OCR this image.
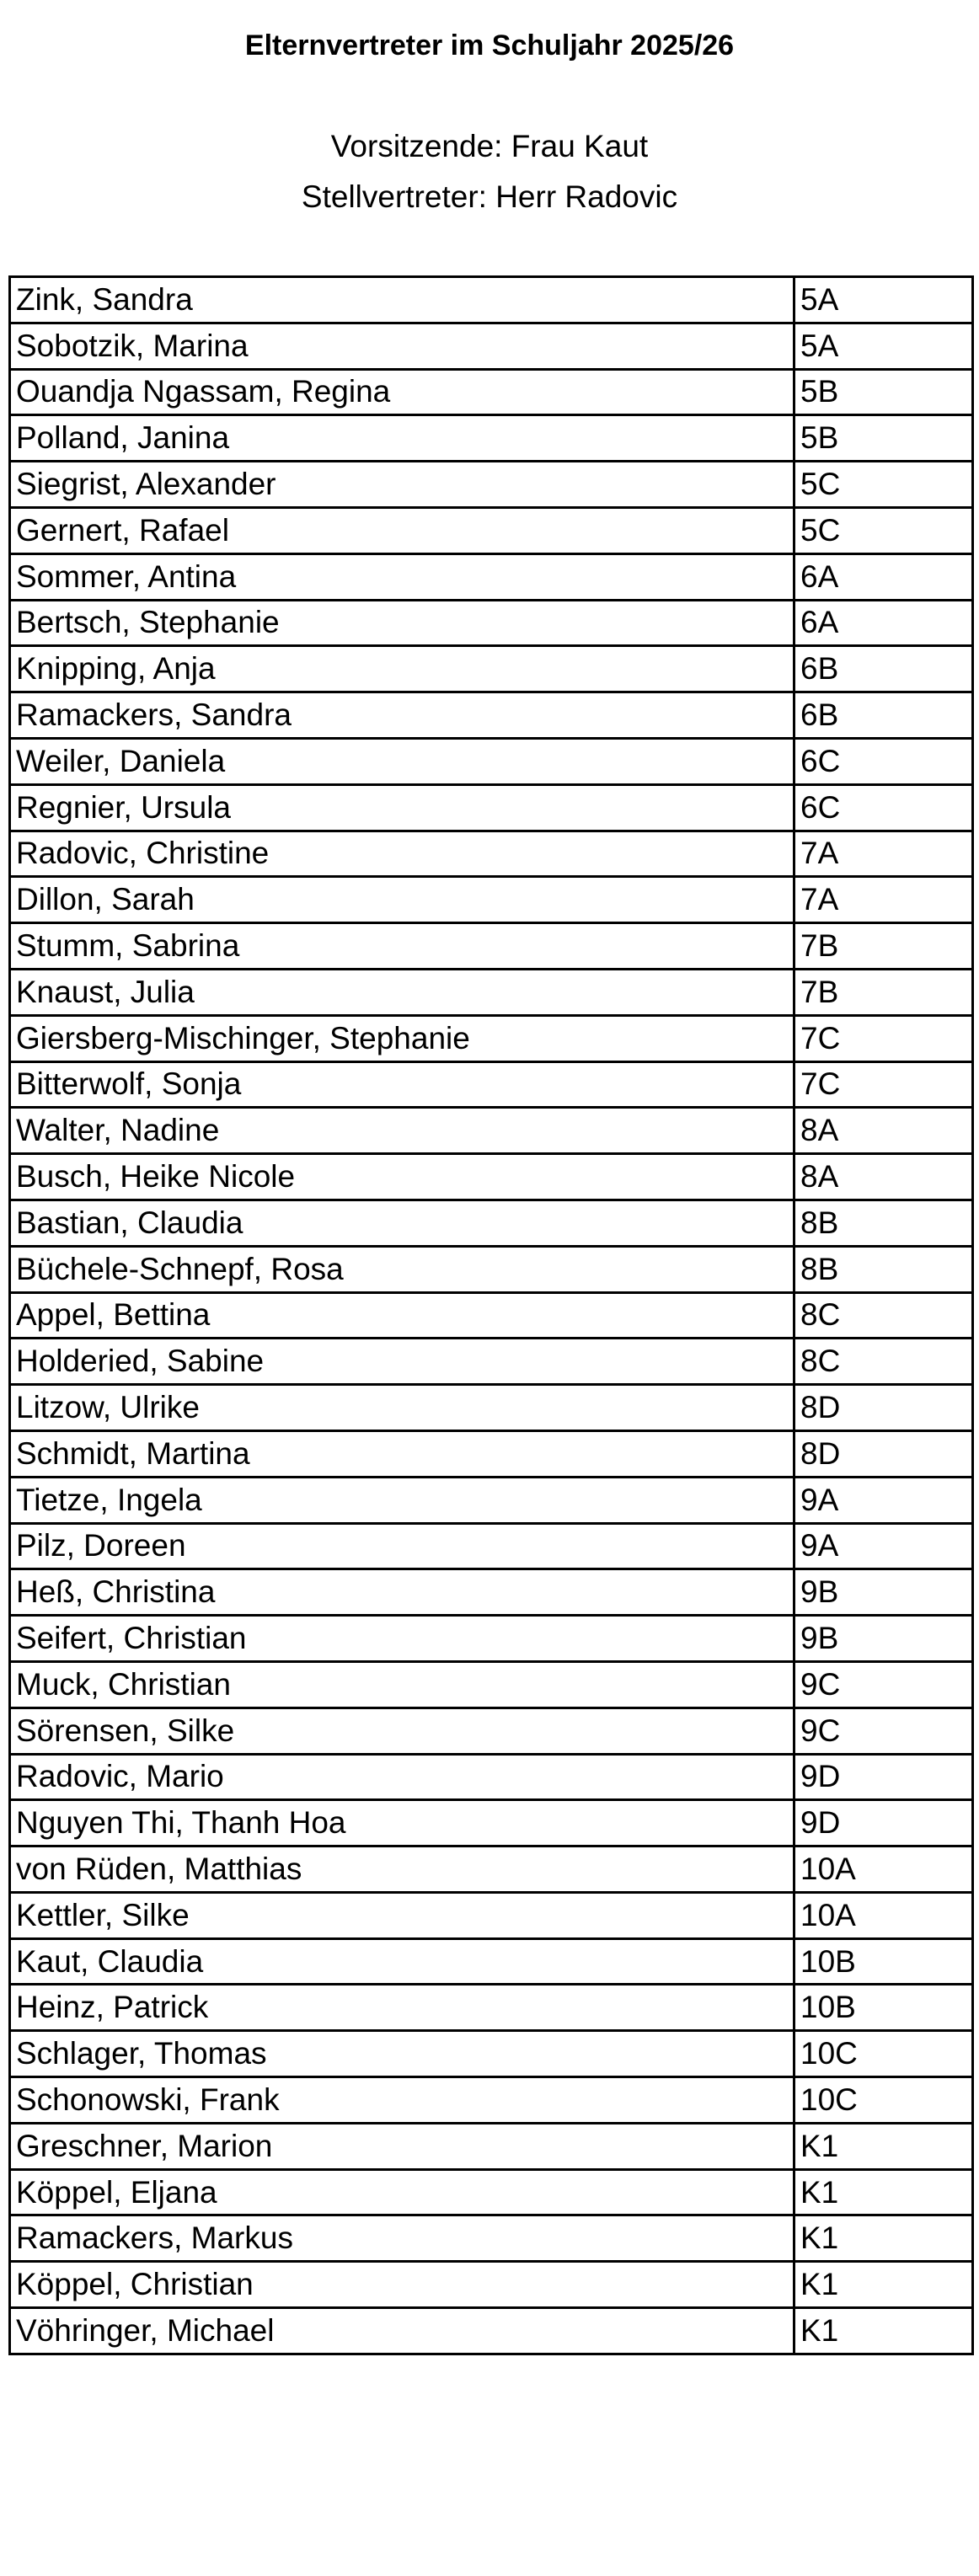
Elternvertreter im Schuljahr 2025/26
Vorsitzende: Frau Kaut
Stellvertreter: Herr Radovic
Zink, Sandra	5A
Sobotzik, Marina	5A
Ouandja Ngassam, Regina	5B
Polland, Janina	5B
Siegrist, Alexander	5C
Gernert, Rafael	5C
Sommer, Antina	6A
Bertsch, Stephanie	6A
Knipping, Anja	6B
Ramackers, Sandra	6B
Weiler, Daniela	6C
Regnier, Ursula	6C
Radovic, Christine	7A
Dillon, Sarah	7A
Stumm, Sabrina	7B
Knaust, Julia	7B
Giersberg-Mischinger, Stephanie	7C
Bitterwolf, Sonja	7C
Walter, Nadine	8A
Busch, Heike Nicole	8A
Bastian, Claudia	8B
Büchele-Schnepf, Rosa	8B
Appel, Bettina	8C
Holderied, Sabine	8C
Litzow, Ulrike	8D
Schmidt, Martina	8D
Tietze, Ingela	9A
Pilz, Doreen	9A
Heß, Christina	9B
Seifert, Christian	9B
Muck, Christian	9C
Sörensen, Silke	9C
Radovic, Mario	9D
Nguyen Thi, Thanh Hoa	9D
von Rüden, Matthias	10A
Kettler, Silke	10A
Kaut, Claudia	10B
Heinz, Patrick	10B
Schlager, Thomas	10C
Schonowski, Frank	10C
Greschner, Marion	K1
Köppel, Eljana	K1
Ramackers, Markus	K1
Köppel, Christian	K1
Vöhringer, Michael	K1
